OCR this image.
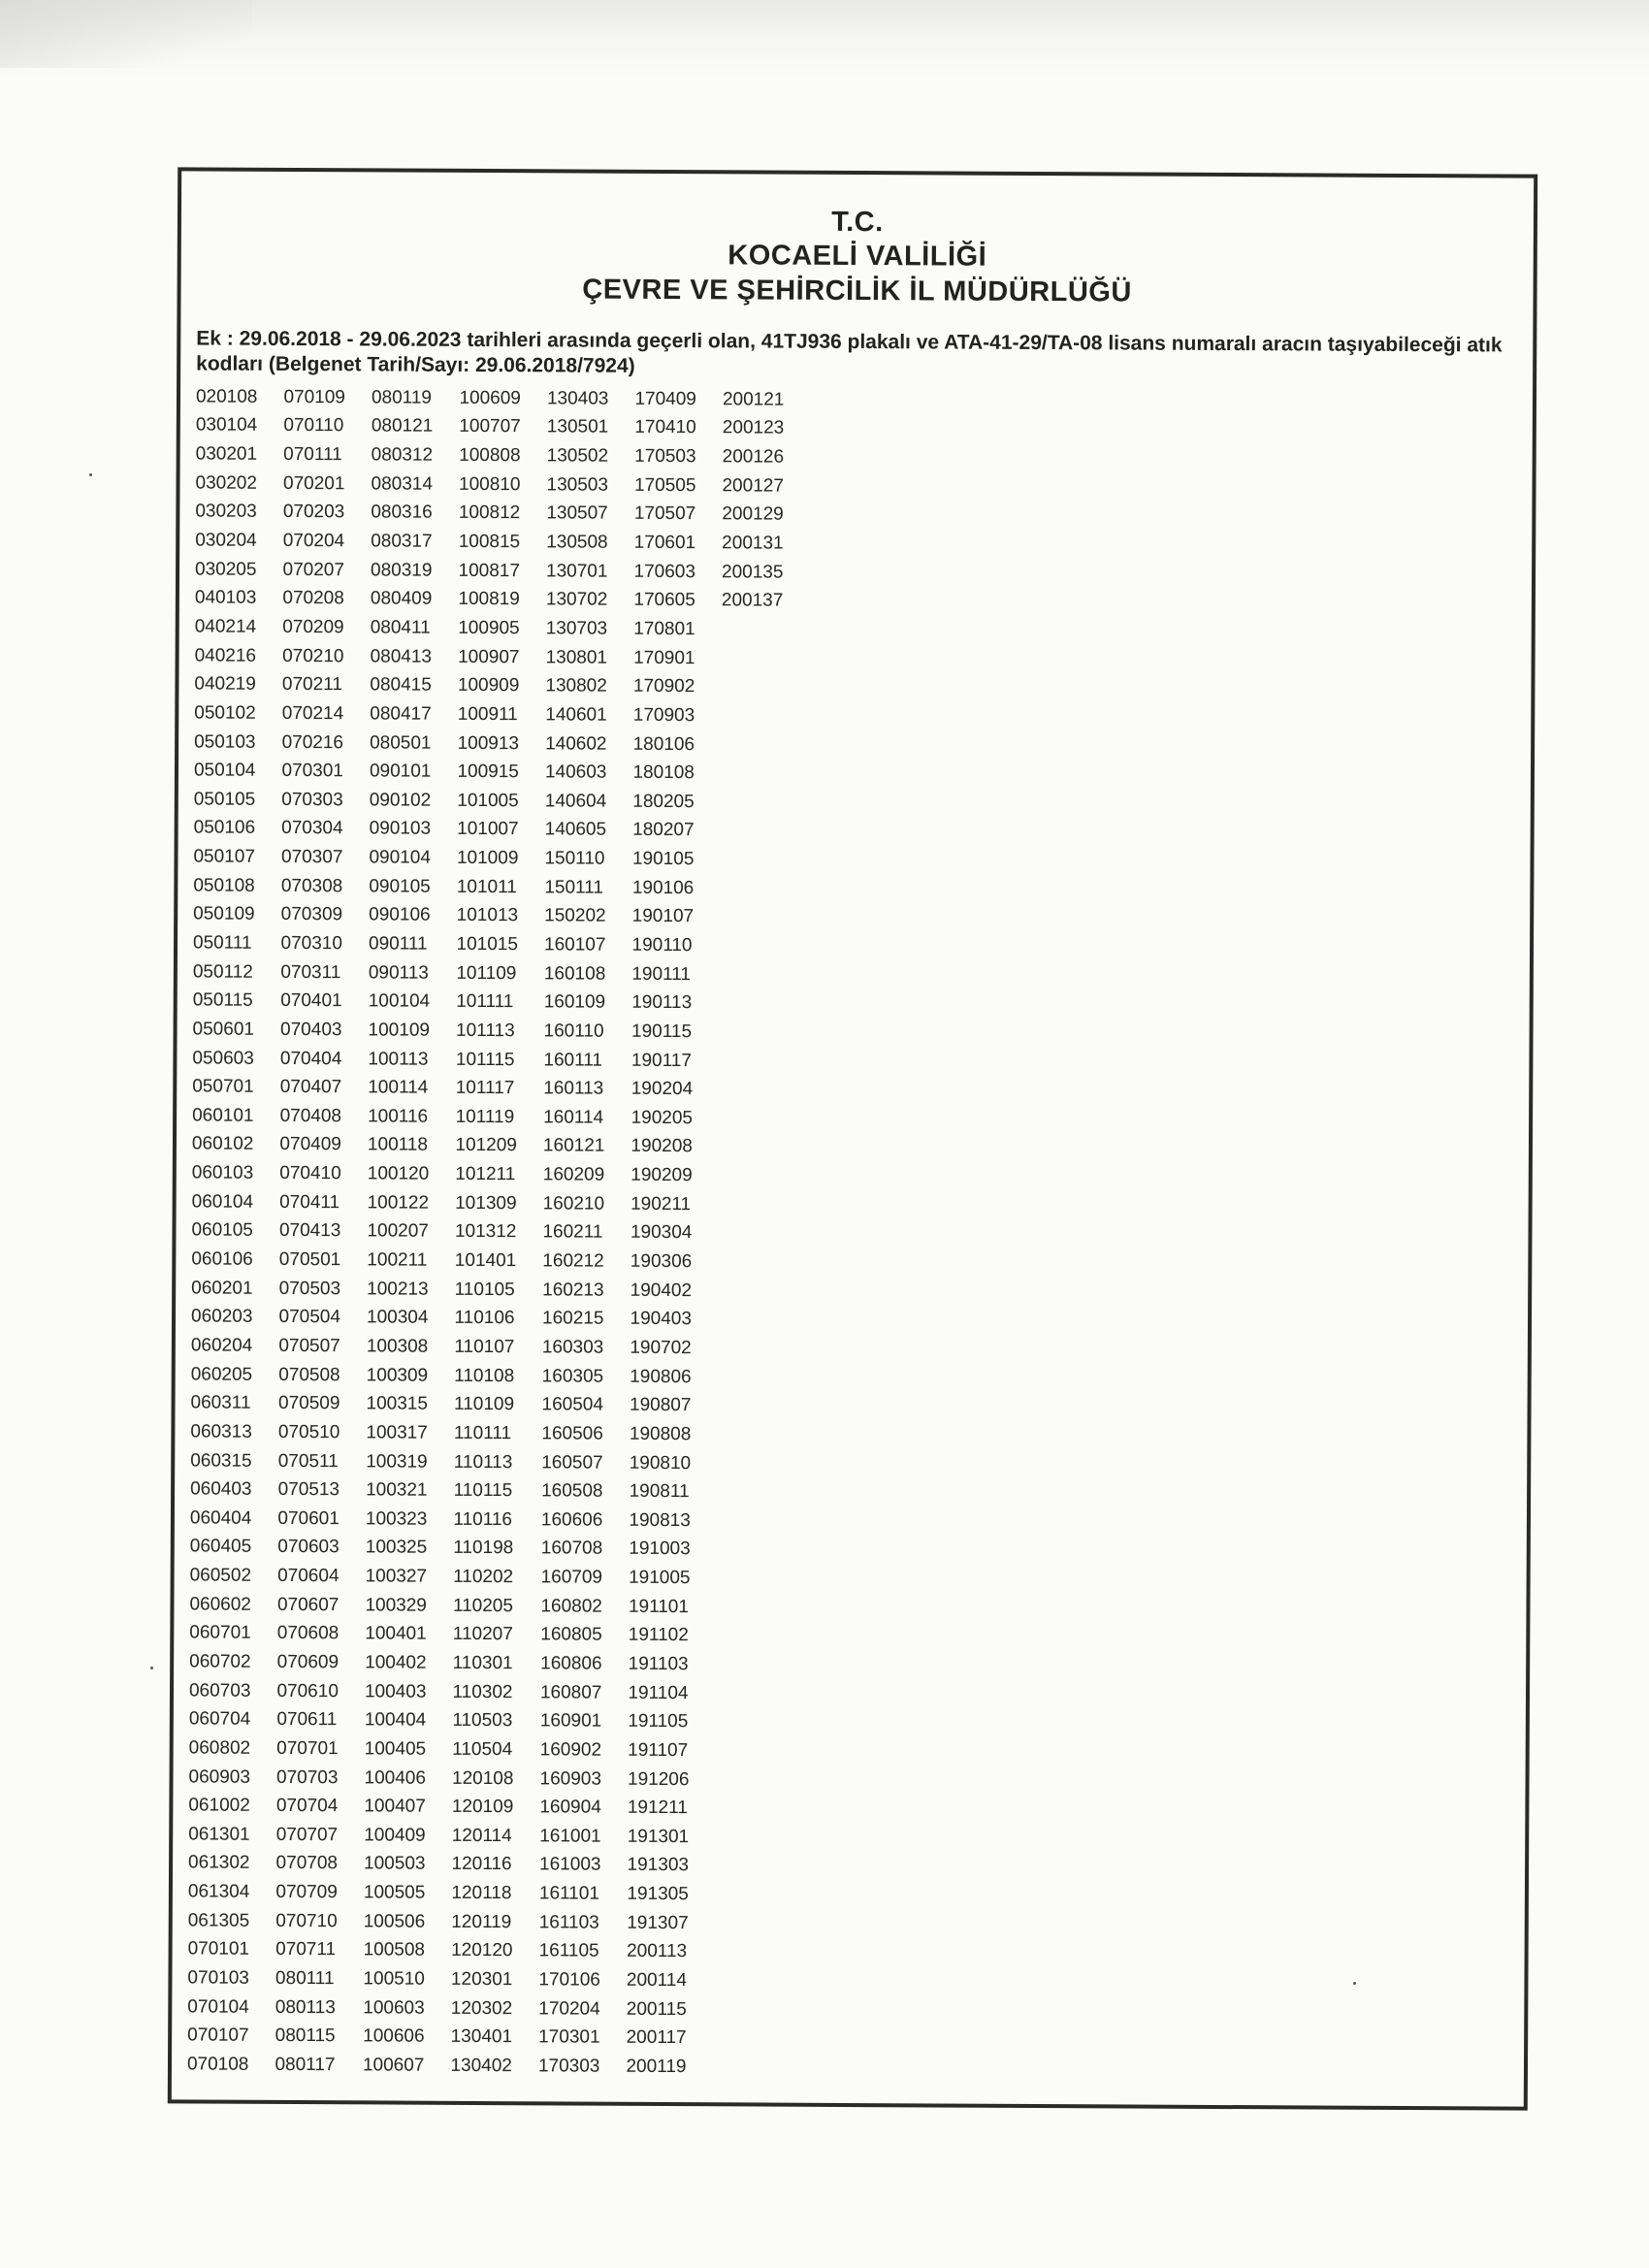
T.C.
KOCAELİ VALİLİĞİ
ÇEVRE VE ŞEHİRCİLİK İL MÜDÜRLÜĞÜ
Ek : 29.06.2018 - 29.06.2023 tarihleri arasında geçerli olan, 41TJ936 plakalı ve ATA-41-29/TA-08 lisans numaralı aracın taşıyabileceği atık kodları (Belgenet Tarih/Sayı: 29.06.2018/7924)
020108	070109	080119	100609	130403	170409	200121
030104	070110	080121	100707	130501	170410	200123
030201	070111	080312	100808	130502	170503	200126
030202	070201	080314	100810	130503	170505	200127
030203	070203	080316	100812	130507	170507	200129
030204	070204	080317	100815	130508	170601	200131
030205	070207	080319	100817	130701	170603	200135
040103	070208	080409	100819	130702	170605	200137
040214	070209	080411	100905	130703	170801
040216	070210	080413	100907	130801	170901
040219	070211	080415	100909	130802	170902
050102	070214	080417	100911	140601	170903
050103	070216	080501	100913	140602	180106
050104	070301	090101	100915	140603	180108
050105	070303	090102	101005	140604	180205
050106	070304	090103	101007	140605	180207
050107	070307	090104	101009	150110	190105
050108	070308	090105	101011	150111	190106
050109	070309	090106	101013	150202	190107
050111	070310	090111	101015	160107	190110
050112	070311	090113	101109	160108	190111
050115	070401	100104	101111	160109	190113
050601	070403	100109	101113	160110	190115
050603	070404	100113	101115	160111	190117
050701	070407	100114	101117	160113	190204
060101	070408	100116	101119	160114	190205
060102	070409	100118	101209	160121	190208
060103	070410	100120	101211	160209	190209
060104	070411	100122	101309	160210	190211
060105	070413	100207	101312	160211	190304
060106	070501	100211	101401	160212	190306
060201	070503	100213	110105	160213	190402
060203	070504	100304	110106	160215	190403
060204	070507	100308	110107	160303	190702
060205	070508	100309	110108	160305	190806
060311	070509	100315	110109	160504	190807
060313	070510	100317	110111	160506	190808
060315	070511	100319	110113	160507	190810
060403	070513	100321	110115	160508	190811
060404	070601	100323	110116	160606	190813
060405	070603	100325	110198	160708	191003
060502	070604	100327	110202	160709	191005
060602	070607	100329	110205	160802	191101
060701	070608	100401	110207	160805	191102
060702	070609	100402	110301	160806	191103
060703	070610	100403	110302	160807	191104
060704	070611	100404	110503	160901	191105
060802	070701	100405	110504	160902	191107
060903	070703	100406	120108	160903	191206
061002	070704	100407	120109	160904	191211
061301	070707	100409	120114	161001	191301
061302	070708	100503	120116	161003	191303
061304	070709	100505	120118	161101	191305
061305	070710	100506	120119	161103	191307
070101	070711	100508	120120	161105	200113
070103	080111	100510	120301	170106	200114
070104	080113	100603	120302	170204	200115
070107	080115	100606	130401	170301	200117
070108	080117	100607	130402	170303	200119
